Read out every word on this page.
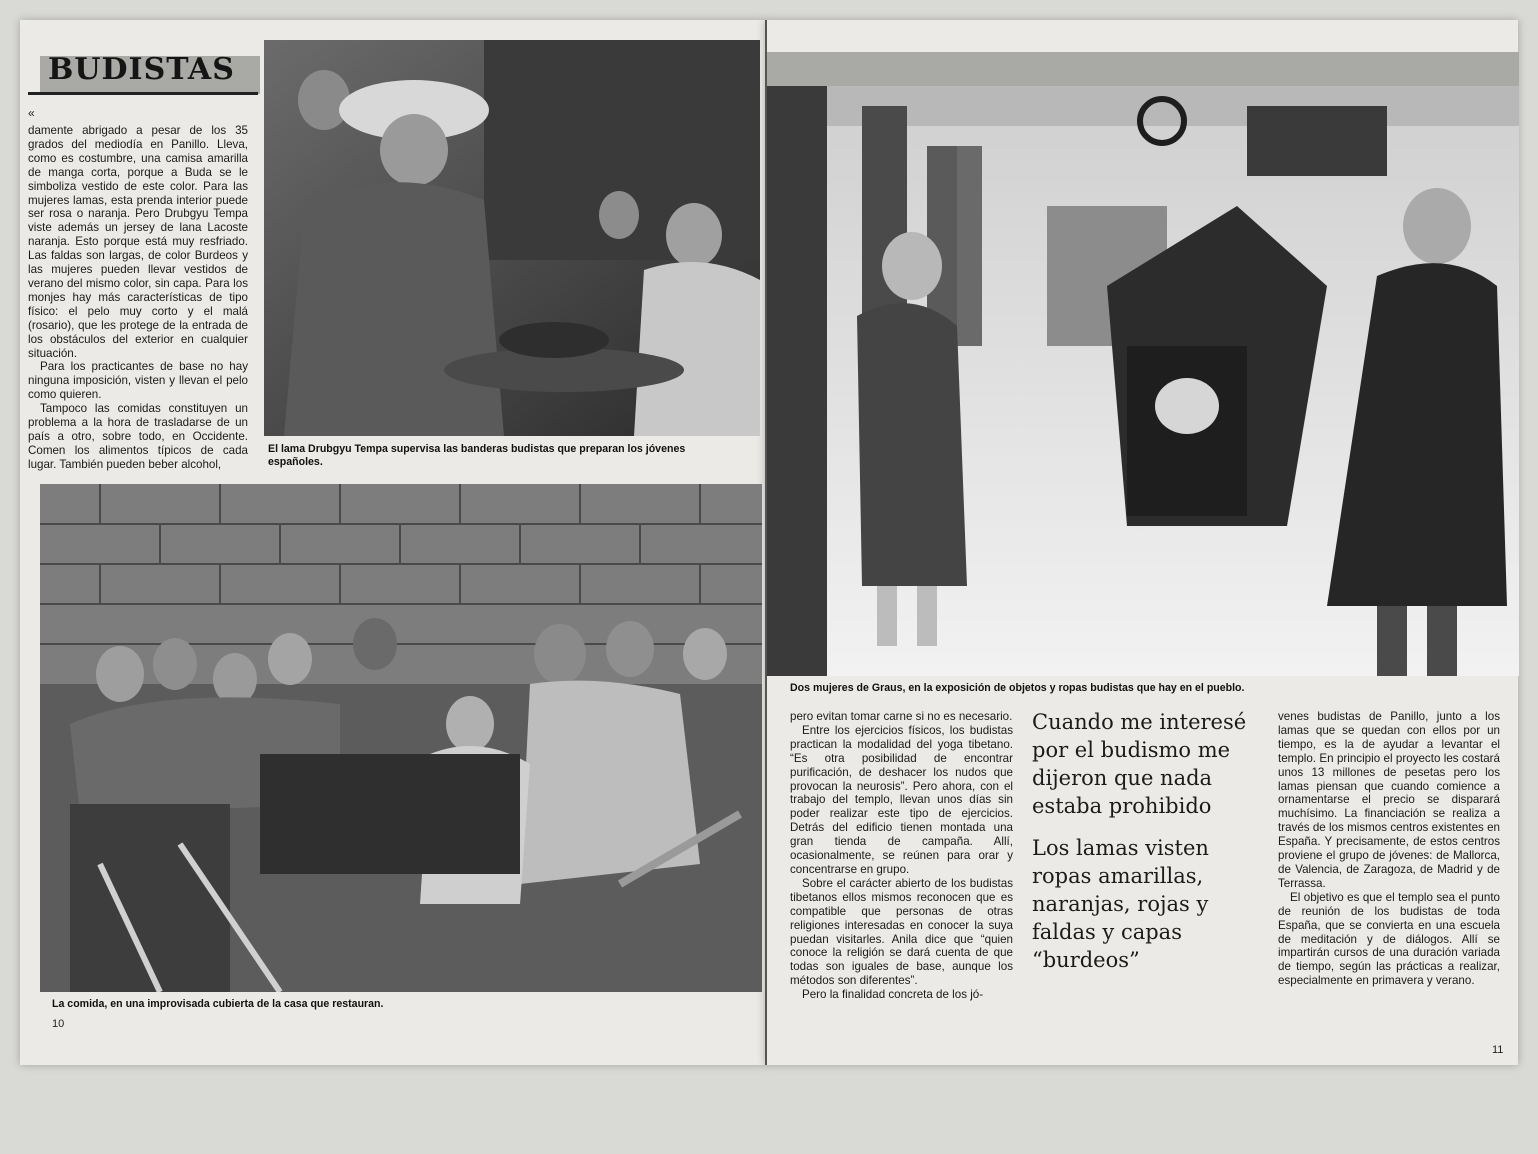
BUDISTAS
«

damente abrigado a pesar de los 35 grados del mediodía en Panillo. Lleva, como es costumbre, una camisa amarilla de manga corta, porque a Buda se le simboliza vestido de este color. Para las mujeres lamas, esta prenda interior puede ser rosa o naranja. Pero Drubgyu Tempa viste además un jersey de lana Lacoste naranja. Esto porque está muy resfriado. Las faldas son largas, de color Burdeos y las mujeres pueden llevar vestidos de verano del mismo color, sin capa. Para los monjes hay más características de tipo físico: el pelo muy corto y el malá (rosario), que les protege de la entrada de los obstáculos del exterior en cualquier situación.

Para los practicantes de base no hay ninguna imposición, visten y llevan el pelo como quieren.

Tampoco las comidas constituyen un problema a la hora de trasladarse de un país a otro, sobre todo, en Occidente. Comen los alimentos típicos de cada lugar. También pueden beber alcohol,

El lama Drubgyu Tempa supervisa las banderas budistas que preparan los jóvenes españoles.
La comida, en una improvisada cubierta de la casa que restauran.
Dos mujeres de Graus, en la exposición de objetos y ropas budistas que hay en el pueblo.

pero evitan tomar carne si no es necesario.

Entre los ejercicios físicos, los budistas practican la modalidad del yoga tibetano. “Es otra posibilidad de encontrar purificación, de deshacer los nudos que provocan la neurosis”. Pero ahora, con el trabajo del templo, llevan unos días sin poder realizar este tipo de ejercicios. Detrás del edificio tienen montada una gran tienda de campaña. Allí, ocasionalmente, se reúnen para orar y concentrarse en grupo.

Sobre el carácter abierto de los budistas tibetanos ellos mismos reconocen que es compatible que personas de otras religiones interesadas en conocer la suya puedan visitarles. Anila dice que “quien conoce la religión se dará cuenta de que todas son iguales de base, aunque los métodos son diferentes”.

Pero la finalidad concreta de los jó-

Cuando me interesé por el budismo me dijeron que nada estaba prohibido

Los lamas visten ropas amarillas, naranjas, rojas y faldas y capas “burdeos”

venes budistas de Panillo, junto a los lamas que se quedan con ellos por un tiempo, es la de ayudar a levantar el templo. En principio el proyecto les costará unos 13 millones de pesetas pero los lamas piensan que cuando comience a ornamentarse el precio se disparará muchísimo. La financiación se realiza a través de los mismos centros existentes en España. Y precisamente, de estos centros proviene el grupo de jóvenes: de Mallorca, de Valencia, de Zaragoza, de Madrid y de Terrassa.

El objetivo es que el templo sea el punto de reunión de los budistas de toda España, que se convierta en una escuela de meditación y de diálogos. Allí se impartirán cursos de una duración variada de tiempo, según las prácticas a realizar, especialmente en primavera y verano.

10
11
